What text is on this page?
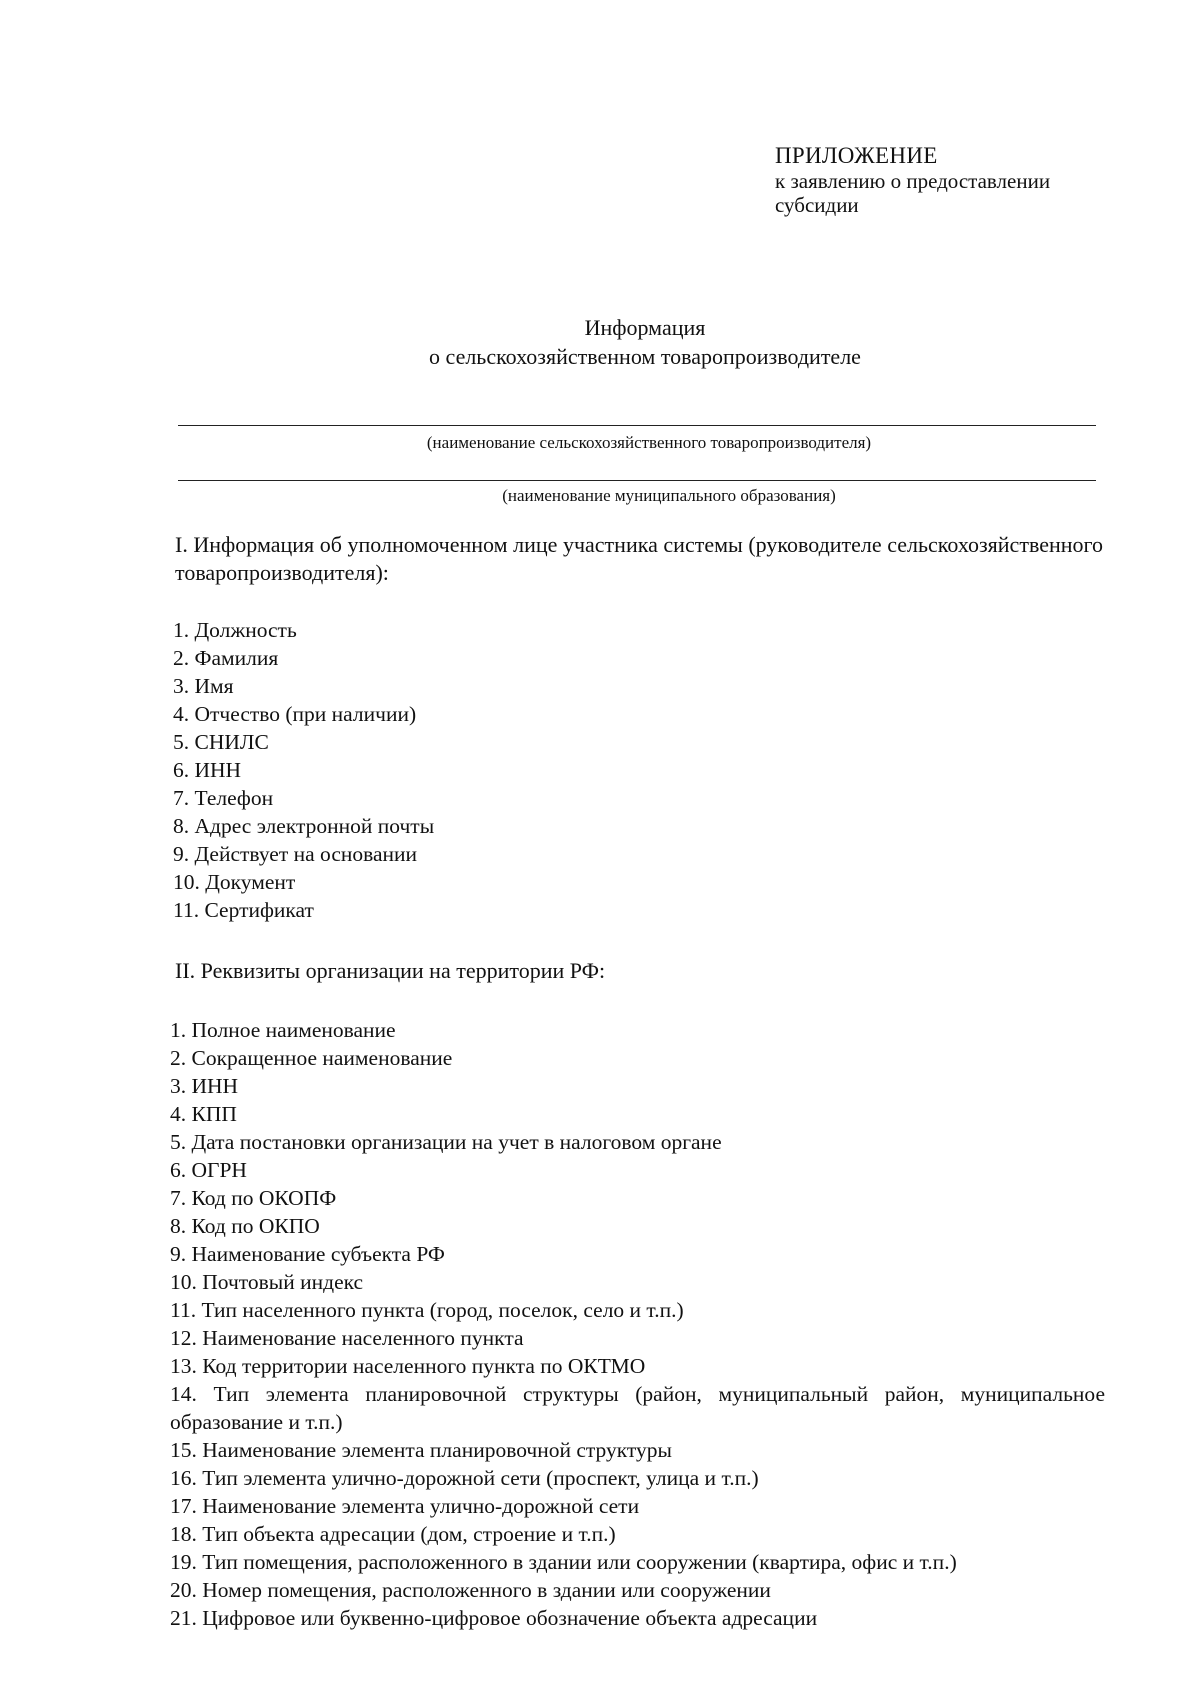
ПРИЛОЖЕНИЕ
к заявлению о предоставлении
субсидии
Информация
о сельскохозяйственном товаропроизводителе
(наименование сельскохозяйственного товаропроизводителя)
(наименование муниципального образования)
I. Информация об уполномоченном лице участника системы (руководителе сельскохозяйственного товаропроизводителя):
1. Должность
2. Фамилия
3. Имя
4. Отчество (при наличии)
5. СНИЛС
6. ИНН
7. Телефон
8. Адрес электронной почты
9. Действует на основании
10. Документ
11. Сертификат
II. Реквизиты организации на территории РФ:
1. Полное наименование
2. Сокращенное наименование
3. ИНН
4. КПП
5. Дата постановки организации на учет в налоговом органе
6. ОГРН
7. Код по ОКОПФ
8. Код по ОКПО
9. Наименование субъекта РФ
10. Почтовый индекс
11. Тип населенного пункта (город, поселок, село и т.п.)
12. Наименование населенного пункта
13. Код территории населенного пункта по ОКТМО
14. Тип элемента планировочной структуры (район, муниципальный район, муниципальное образование и т.п.)
15. Наименование элемента планировочной структуры
16. Тип элемента улично-дорожной сети (проспект, улица и т.п.)
17. Наименование элемента улично-дорожной сети
18. Тип объекта адресации (дом, строение и т.п.)
19. Тип помещения, расположенного в здании или сооружении (квартира, офис и т.п.)
20. Номер помещения, расположенного в здании или сооружении
21. Цифровое или буквенно-цифровое обозначение объекта адресации
